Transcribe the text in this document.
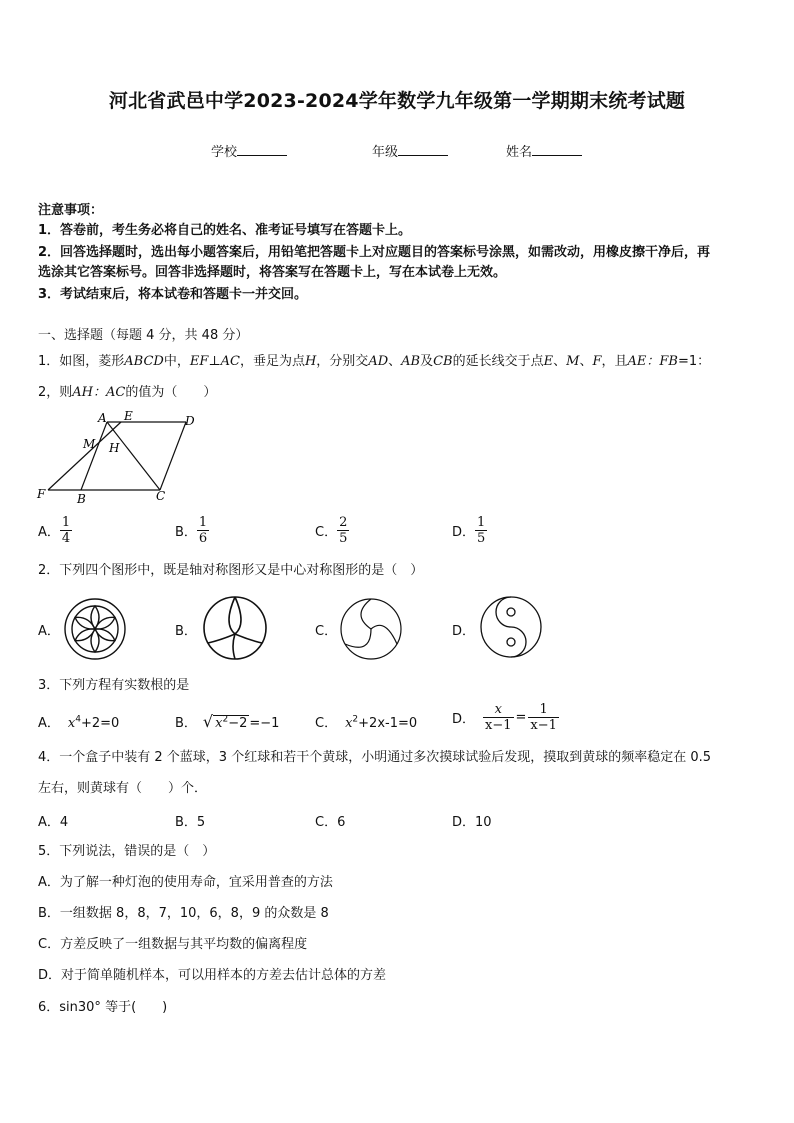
河北省武邑中学2023-2024学年数学九年级第一学期期末统考试题
学校	年级	姓名
注意事项：
1．答卷前，考生务必将自己的姓名、准考证号填写在答题卡上。
2．回答选择题时，选出每小题答案后，用铅笔把答题卡上对应题目的答案标号涂黑，如需改动，用橡皮擦干净后，再
选涂其它答案标号。回答非选择题时，将答案写在答题卡上，写在本试卷上无效。
3．考试结束后，将本试卷和答题卡一并交回。
一、选择题（每题 4 分，共 48 分）
1．如图，菱形ABCD中，EF⊥AC，垂足为点H，分别交AD、AB及CB的延长线交于点E、M、F，且AE：FB=1：
2，则AH：AC的值为（　　）
A E	D
M H
F	B	C
A． $\frac{1}{4}$	B． $\frac{1}{6}$	C． $\frac{2}{5}$	D． $\frac{1}{5}$
2．下列四个图形中，既是轴对称图形又是中心对称图形的是（　）
A．	B．	C．	D．
3．下列方程有实数根的是
A． $x^4+2=0$	B． √ $x^2-2 =-1$	C． $x^2+2x-1=0$	D． $\frac{x}{x-1} = \frac{1}{x-1}$
4．一个盒子中装有 2 个蓝球，3 个红球和若干个黄球，小明通过多次摸球试验后发现，摸取到黄球的频率稳定在 0.5
左右，则黄球有（　　）个．
A．4	B．5	C．6	D．10
5．下列说法，错误的是（　）
A．为了解一种灯泡的使用寿命，宜采用普查的方法
B．一组数据 8，8，7，10，6，8，9 的众数是 8
C．方差反映了一组数据与其平均数的偏离程度
D．对于简单随机样本，可以用样本的方差去估计总体的方差
6．sin30° 等于(　　)
